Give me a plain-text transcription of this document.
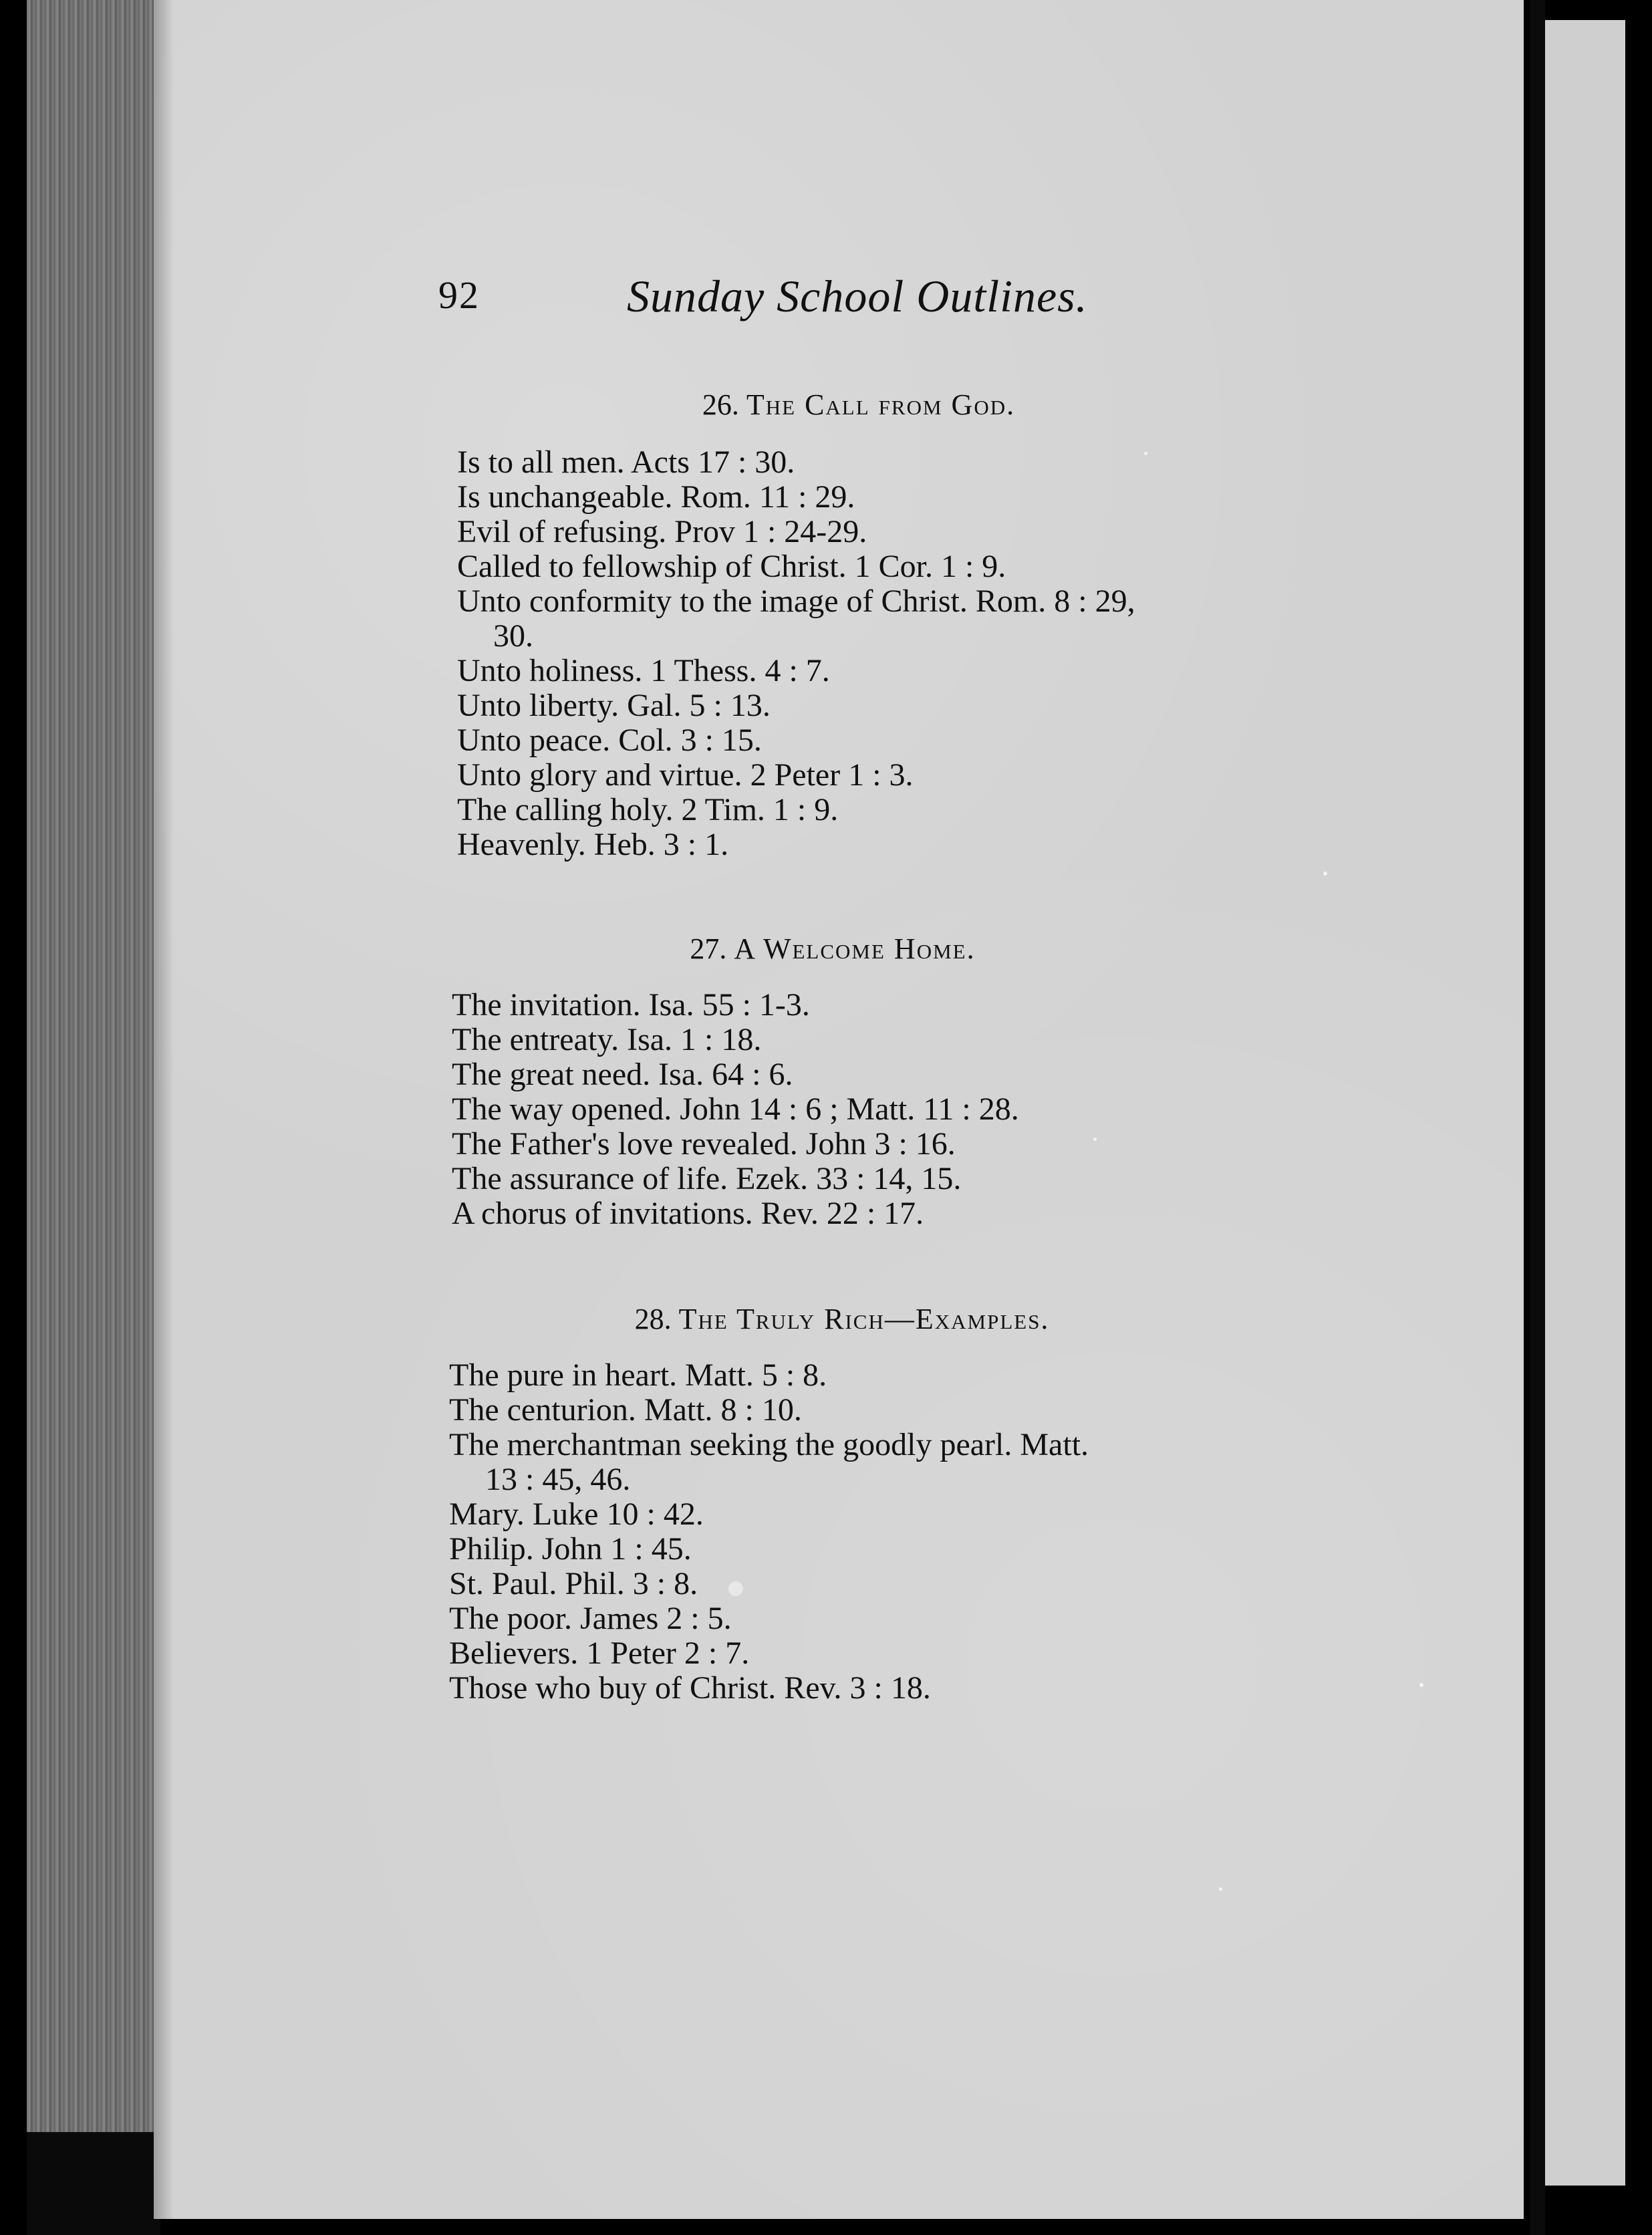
92	Sunday School Outlines.
26. The Call from God.
Is to all men. Acts 17 : 30.
Is unchangeable. Rom. 11 : 29.
Evil of refusing. Prov 1 : 24-29.
Called to fellowship of Christ. 1 Cor. 1 : 9.
Unto conformity to the image of Christ. Rom. 8 : 29,
30.
Unto holiness. 1 Thess. 4 : 7.
Unto liberty. Gal. 5 : 13.
Unto peace. Col. 3 : 15.
Unto glory and virtue. 2 Peter 1 : 3.
The calling holy. 2 Tim. 1 : 9.
Heavenly. Heb. 3 : 1.
27. A Welcome Home.
The invitation. Isa. 55 : 1-3.
The entreaty. Isa. 1 : 18.
The great need. Isa. 64 : 6.
The way opened. John 14 : 6 ; Matt. 11 : 28.
The Father's love revealed. John 3 : 16.
The assurance of life. Ezek. 33 : 14, 15.
A chorus of invitations. Rev. 22 : 17.
28. The Truly Rich—Examples.
The pure in heart. Matt. 5 : 8.
The centurion. Matt. 8 : 10.
The merchantman seeking the goodly pearl. Matt.
13 : 45, 46.
Mary. Luke 10 : 42.
Philip. John 1 : 45.
St. Paul. Phil. 3 : 8.
The poor. James 2 : 5.
Believers. 1 Peter 2 : 7.
Those who buy of Christ. Rev. 3 : 18.
